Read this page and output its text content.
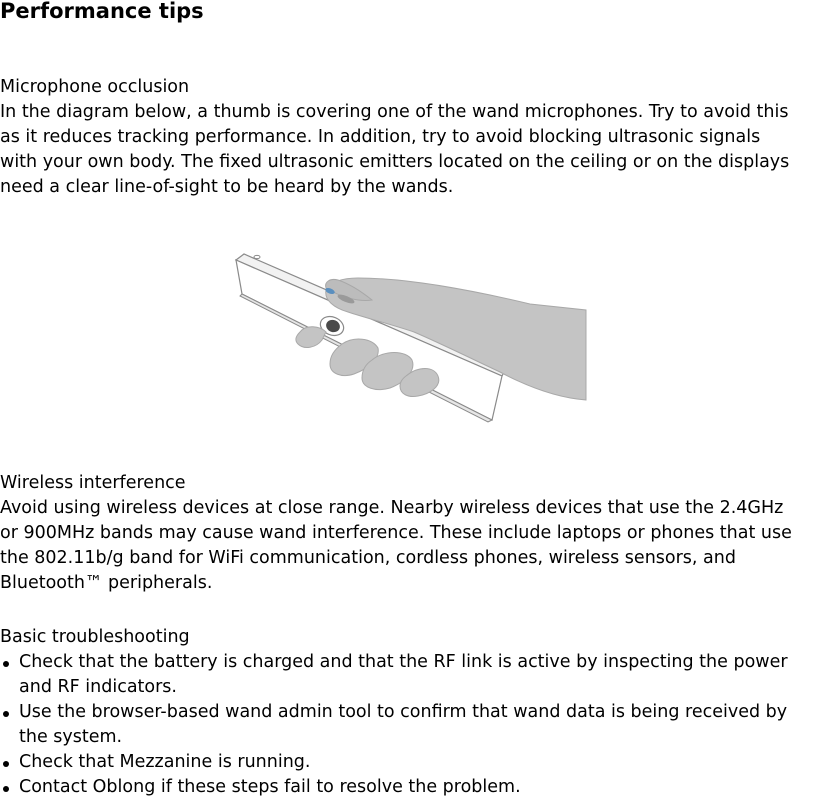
Performance tips
Microphone occlusion

In the diagram below, a thumb is covering one of the wand microphones. Try to avoid this
as it reduces tracking performance. In addition, try to avoid blocking ultrasonic signals
with your own body. The fixed ultrasonic emitters located on the ceiling or on the displays
need a clear line-of-sight to be heard by the wands.

Wireless interference

Avoid using wireless devices at close range. Nearby wireless devices that use the 2.4GHz
or 900MHz bands may cause wand interference. These include laptops or phones that use
the 802.11b/g band for WiFi communication, cordless phones, wireless sensors, and
Bluetooth™ peripherals.

Basic troubleshooting
Check that the battery is charged and that the RF link is active by inspecting the power
and RF indicators.
Use the browser-based wand admin tool to confirm that wand data is being received by
the system.
Check that Mezzanine is running.
Contact Oblong if these steps fail to resolve the problem.
